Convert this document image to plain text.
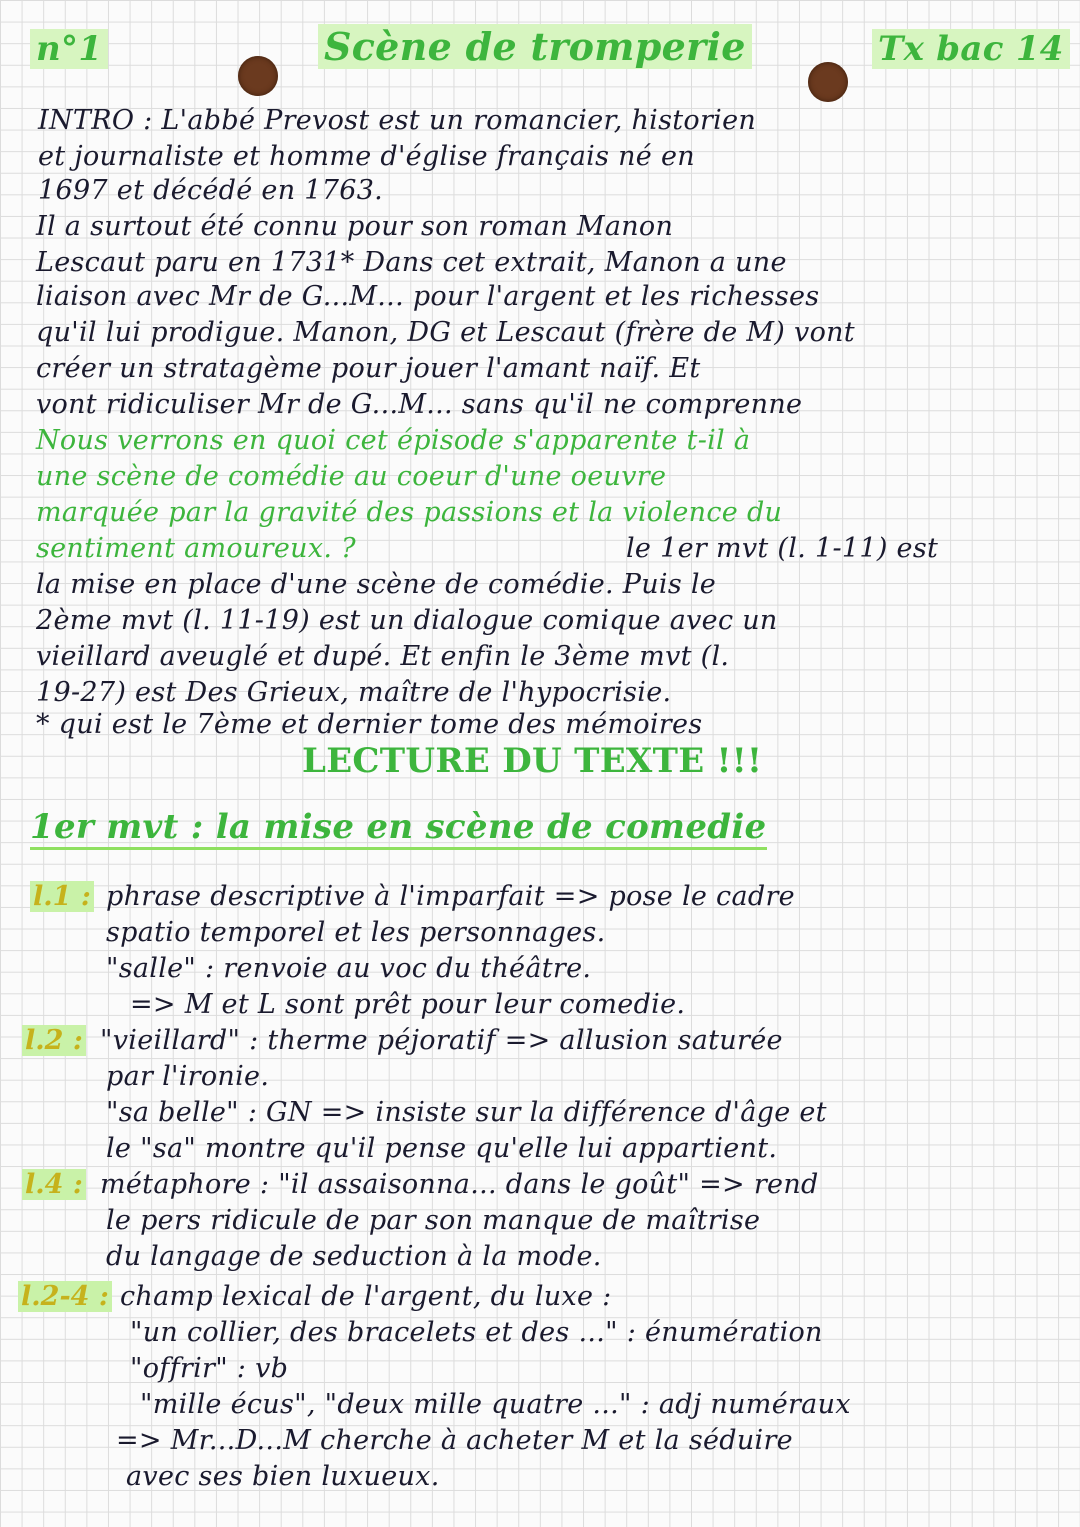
n°1	Scène de tromperie	Tx bac 14
INTRO : L'abbé Prevost est un romancier, historien
et journaliste et homme d'église français né en
1697 et décédé en 1763.
Il a surtout été connu pour son roman Manon
Lescaut paru en 1731* Dans cet extrait, Manon a une
liaison avec Mr de G...M... pour l'argent et les richesses
qu'il lui prodigue. Manon, DG et Lescaut (frère de M) vont
créer un stratagème pour jouer l'amant naïf. Et
vont ridiculiser Mr de G...M... sans qu'il ne comprenne
Nous verrons en quoi cet épisode s'apparente t-il à
une scène de comédie au coeur d'une oeuvre
marquée par la gravité des passions et la violence du
sentiment amoureux. ?	le 1er mvt (l. 1-11) est
la mise en place d'une scène de comédie. Puis le
2ème mvt (l. 11-19) est un dialogue comique avec un
vieillard aveuglé et dupé. Et enfin le 3ème mvt (l.
19-27) est Des Grieux, maître de l'hypocrisie.
* qui est le 7ème et dernier tome des mémoires
LECTURE DU TEXTE !!!
1er mvt : la mise en scène de comedie
l.1 : phrase descriptive à l'imparfait => pose le cadre
spatio temporel et les personnages.
"salle" : renvoie au voc du théâtre.
=> M et L sont prêt pour leur comedie.
l.2 : "vieillard" : therme péjoratif => allusion saturée
par l'ironie.
"sa belle" : GN => insiste sur la différence d'âge et
le "sa" montre qu'il pense qu'elle lui appartient.
l.4 : métaphore : "il assaisonna... dans le goût" => rend
le pers ridicule de par son manque de maîtrise
du langage de seduction à la mode.
l.2-4 : champ lexical de l'argent, du luxe :
"un collier, des bracelets et des ..." : énumération
"offrir" : vb
"mille écus", "deux mille quatre ..." : adj numéraux
=> Mr...D...M cherche à acheter M et la séduire
avec ses bien luxueux.
